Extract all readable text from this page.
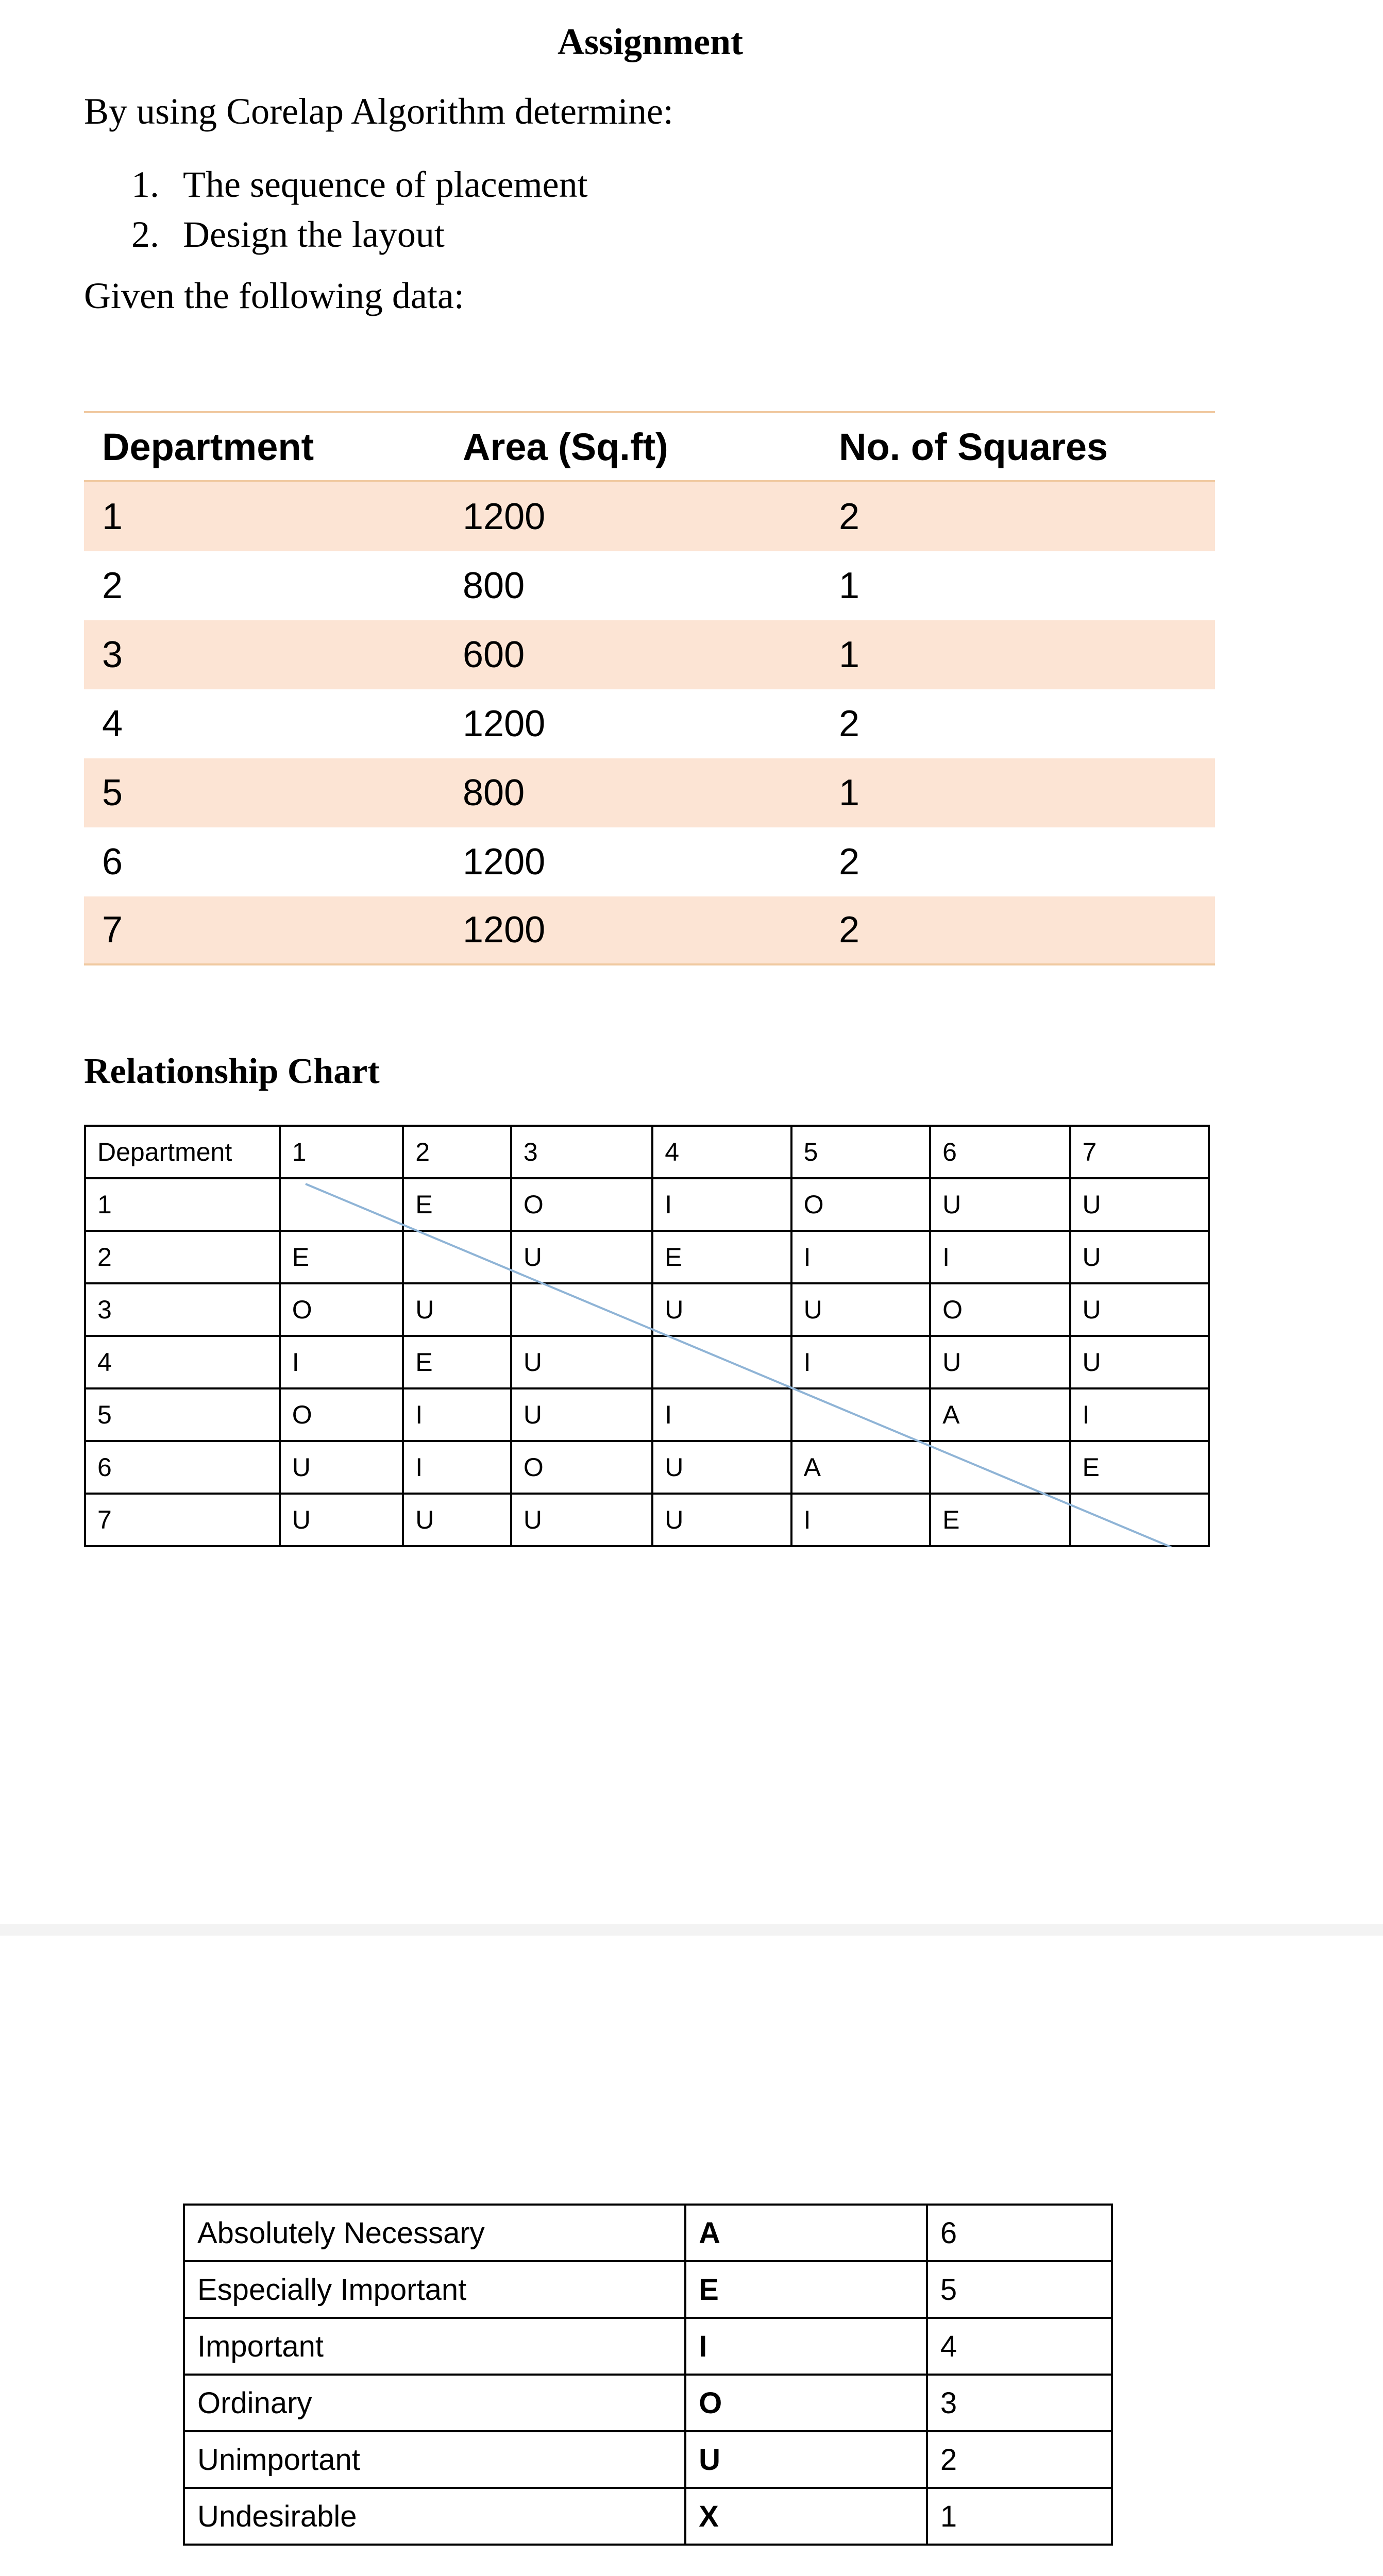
Assignment
By using Corelap Algorithm determine:
1. The sequence of placement
2. Design the layout
Given the following data:
Department	Area (Sq.ft)	No. of Squares
1	1200	2
2	800	1
3	600	1
4	1200	2
5	800	1
6	1200	2
7	1200	2
Relationship Chart
Department	1	2	3	4	5	6	7
1		E	O	I	O	U	U
2	E		U	E	I	I	U
3	O	U		U	U	O	U
4	I	E	U		I	U	U
5	O	I	U	I		A	I
6	U	I	O	U	A		E
7	U	U	U	U	I	E	
Absolutely Necessary	A	6
Especially Important	E	5
Important	I	4
Ordinary	O	3
Unimportant	U	2
Undesirable	X	1
